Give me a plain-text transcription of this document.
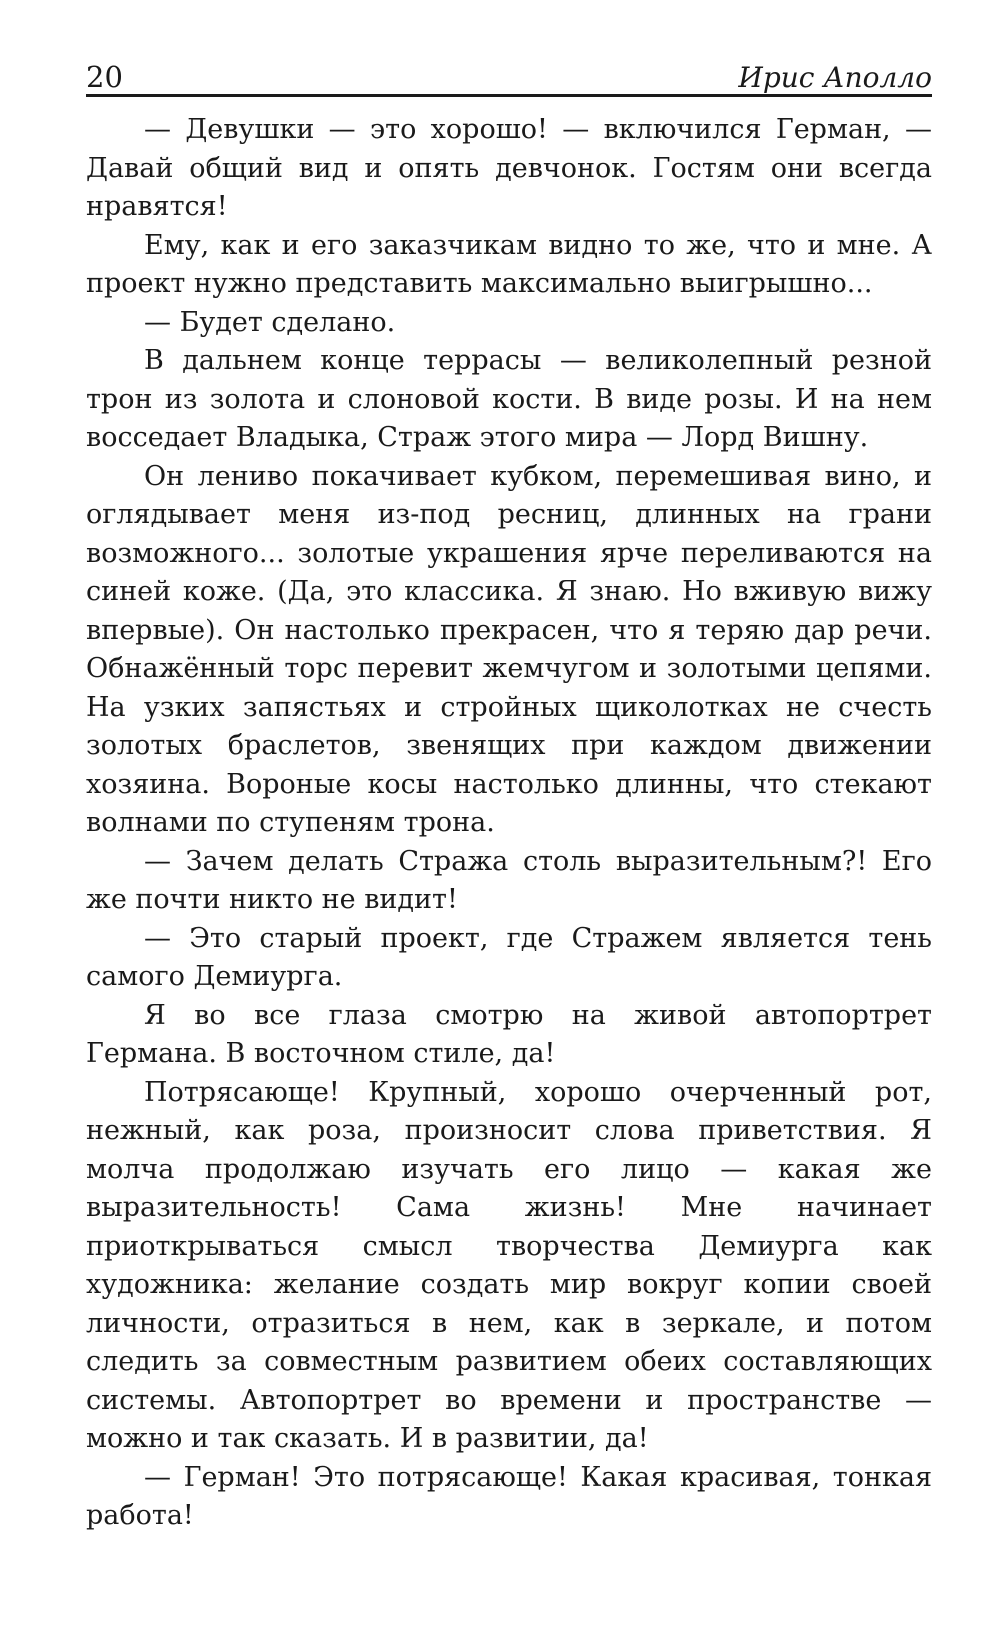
20	Ирис Аполло

— Девушки — это хорошо! — включился Герман, — Давай общий вид и опять девчонок. Гостям они всегда нравятся!

Ему, как и его заказчикам видно то же, что и мне. А проект нужно представить максимально выигрышно...

— Будет сделано.

В дальнем конце террасы — великолепный резной трон из золота и слоновой кости. В виде розы. И на нем восседает Владыка, Страж этого мира — Лорд Вишну.

Он лениво покачивает кубком, перемешивая вино, и оглядывает меня из-под ресниц, длинных на грани возможного... золотые украшения ярче переливаются на синей коже. (Да, это классика. Я знаю. Но вживую вижу впервые). Он настолько прекрасен, что я теряю дар речи. Обнажённый торс перевит жемчугом и золотыми цепями. На узких запястьях и стройных щиколотках не счесть золотых браслетов, звенящих при каждом движении хозяина. Вороные косы настолько длинны, что стекают волнами по ступеням трона.

— Зачем делать Стража столь выразительным?! Его же почти никто не видит!

— Это старый проект, где Стражем является тень самого Демиурга.

Я во все глаза смотрю на живой автопортрет Германа. В восточном стиле, да!

Потрясающе! Крупный, хорошо очерченный рот, нежный, как роза, произносит слова приветствия. Я молча продолжаю изучать его лицо — какая же выразительность! Сама жизнь! Мне начинает приоткрываться смысл творчества Демиурга как художника: желание создать мир вокруг копии своей личности, отразиться в нем, как в зеркале, и потом следить за совместным развитием обеих составляющих системы. Автопортрет во времени и пространстве — можно и так сказать. И в развитии, да!

— Герман! Это потрясающе! Какая красивая, тонкая работа!
